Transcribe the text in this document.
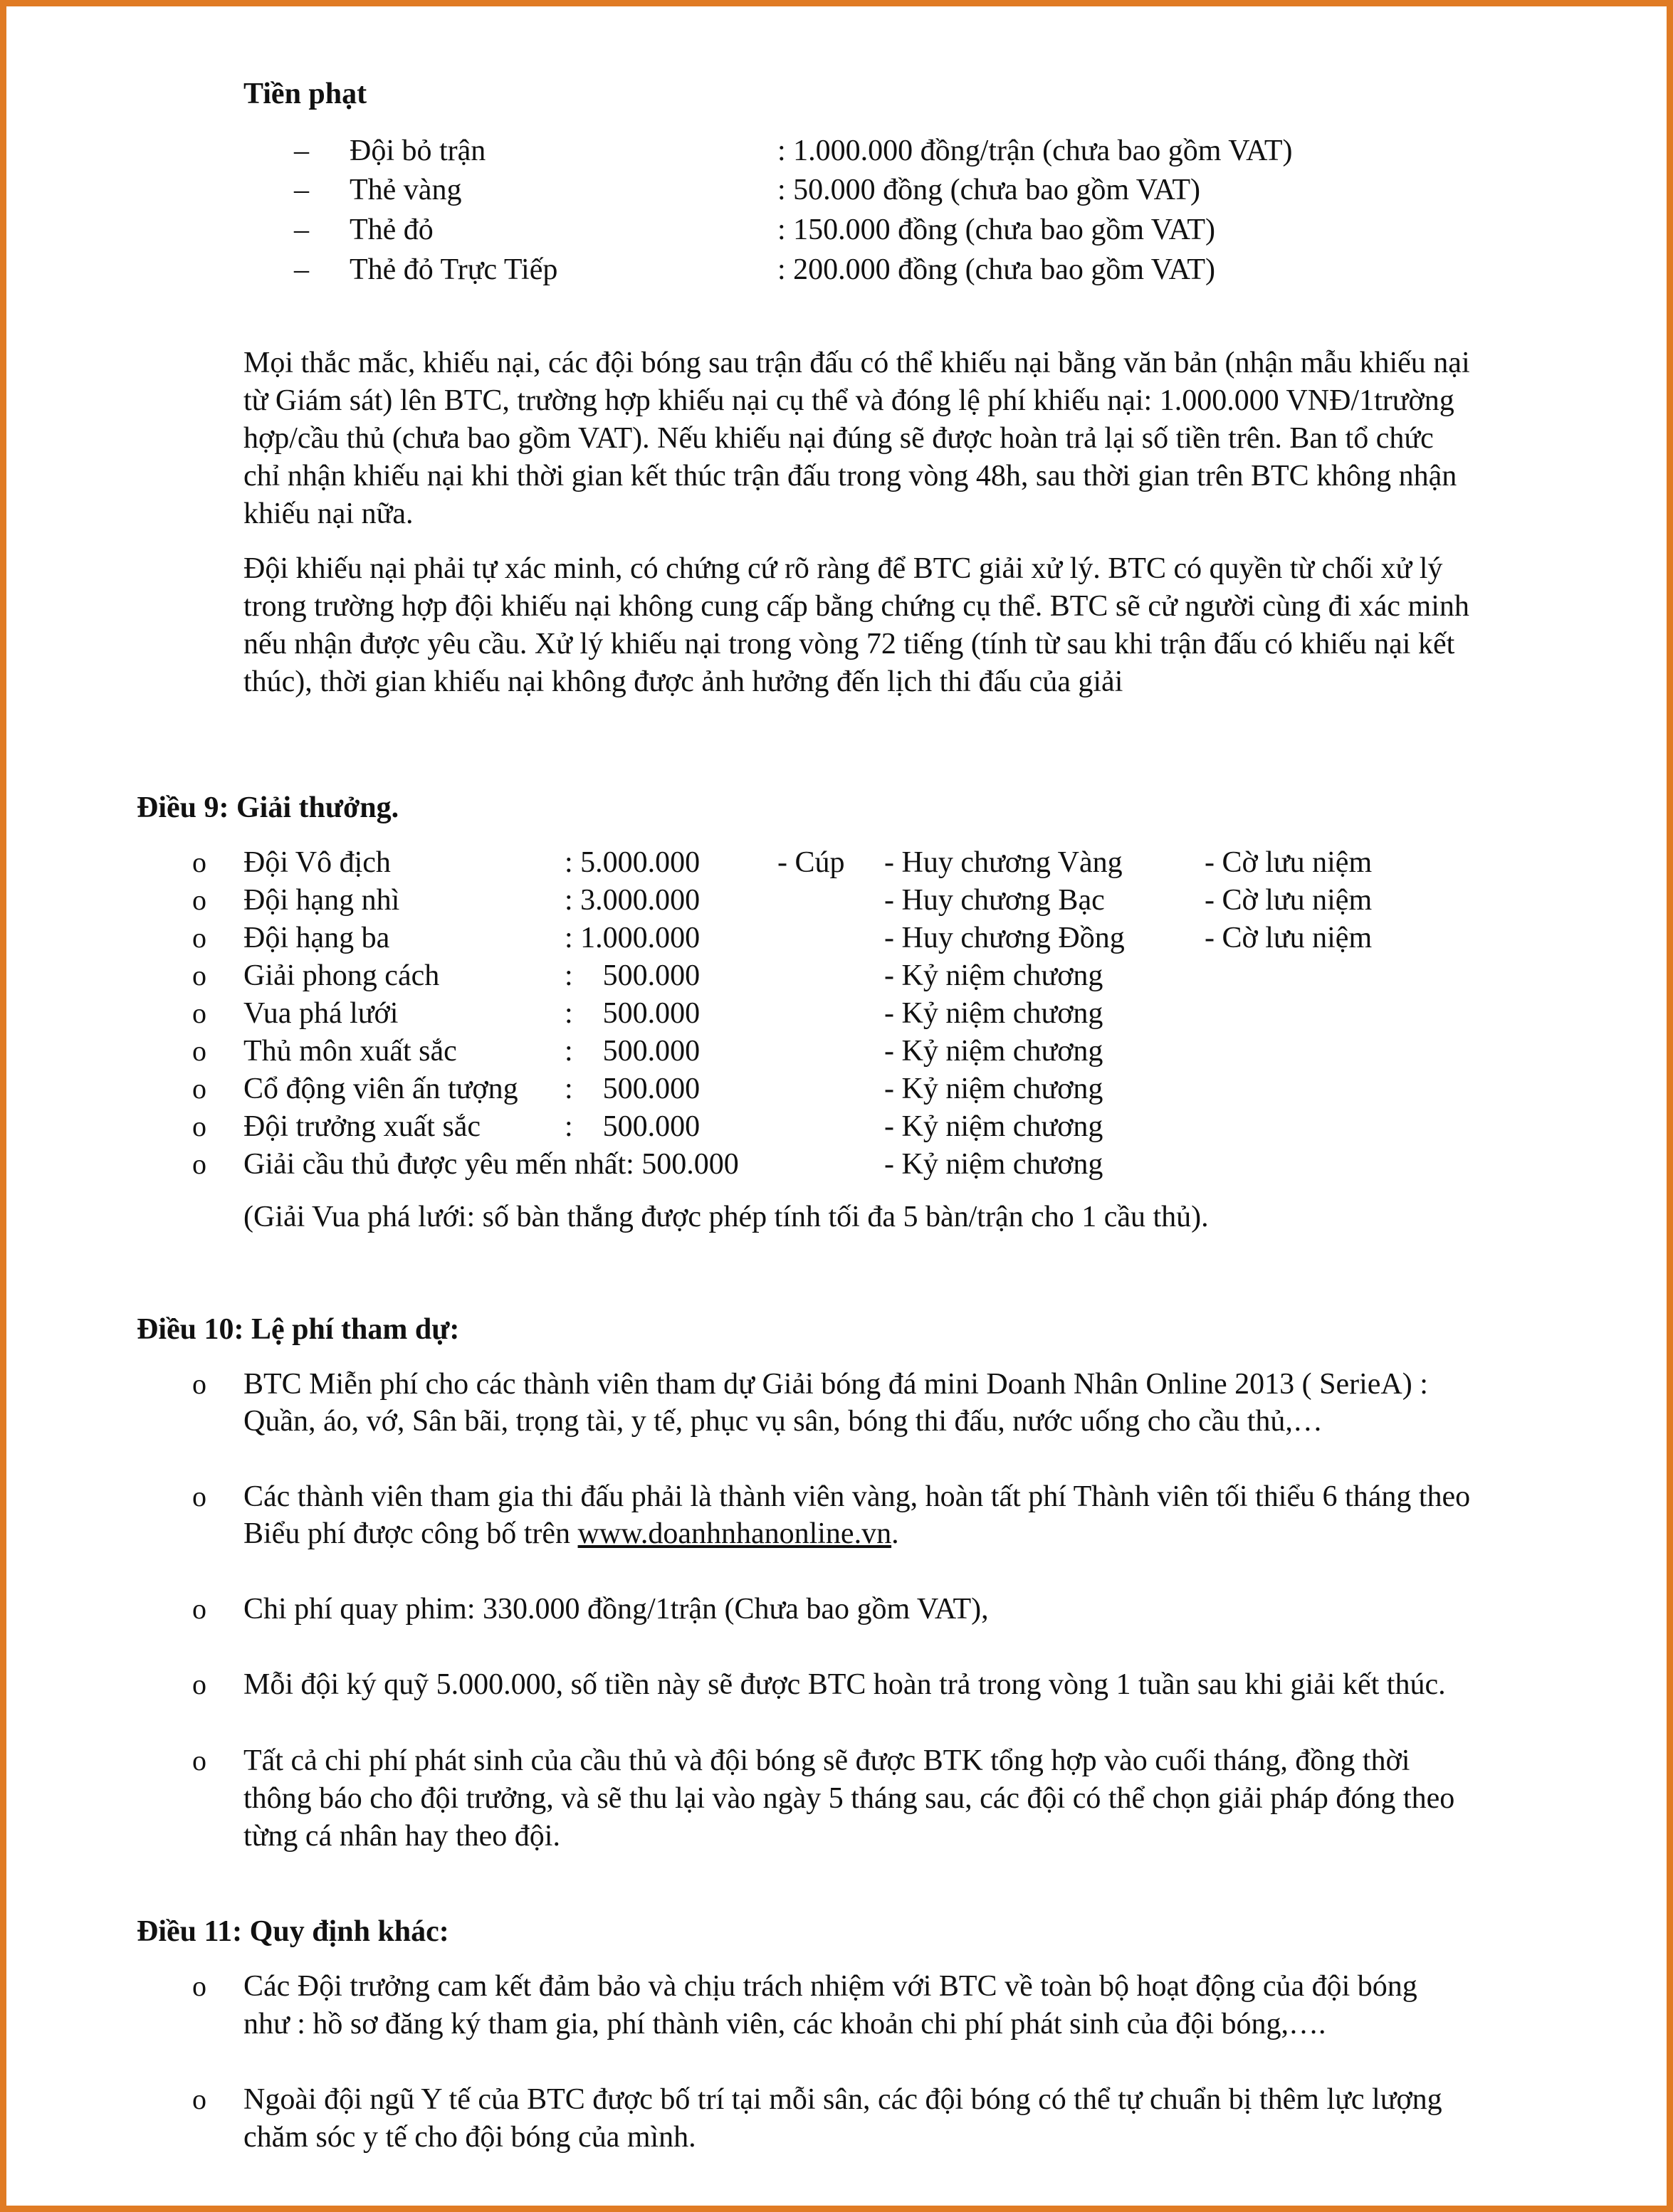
Tiền phạt
– Đội bỏ trận	: 1.000.000 đồng/trận (chưa bao gồm VAT)
– Thẻ vàng	: 50.000 đồng (chưa bao gồm VAT)
– Thẻ đỏ	: 150.000 đồng (chưa bao gồm VAT)
– Thẻ đỏ Trực Tiếp	: 200.000 đồng (chưa bao gồm VAT)
Mọi thắc mắc, khiếu nại, các đội bóng sau trận đấu có thể khiếu nại bằng văn bản (nhận mẫu khiếu nại
từ Giám sát) lên BTC, trường hợp khiếu nại cụ thể và đóng lệ phí khiếu nại: 1.000.000 VNĐ/1trường
hợp/cầu thủ (chưa bao gồm VAT). Nếu khiếu nại đúng sẽ được hoàn trả lại số tiền trên. Ban tổ chức
chỉ nhận khiếu nại khi thời gian kết thúc trận đấu trong vòng 48h, sau thời gian trên BTC không nhận
khiếu nại nữa.
Đội khiếu nại phải tự xác minh, có chứng cứ rõ ràng để BTC giải xử lý. BTC có quyền từ chối xử lý
trong trường hợp đội khiếu nại không cung cấp bằng chứng cụ thể. BTC sẽ cử người cùng đi xác minh
nếu nhận được yêu cầu. Xử lý khiếu nại trong vòng 72 tiếng (tính từ sau khi trận đấu có khiếu nại kết
thúc), thời gian khiếu nại không được ảnh hưởng đến lịch thi đấu của giải
Điều 9: Giải thưởng.
o Đội Vô địch	: 5.000.000	- Cúp - Huy chương Vàng	- Cờ lưu niệm
o Đội hạng nhì	: 3.000.000	- Huy chương Bạc	- Cờ lưu niệm
o Đội hạng ba	: 1.000.000	- Huy chương Đồng	- Cờ lưu niệm
o Giải phong cách	:    500.000	- Kỷ niệm chương
o Vua phá lưới	:    500.000	- Kỷ niệm chương
o Thủ môn xuất sắc	:    500.000	- Kỷ niệm chương
o Cổ động viên ấn tượng :    500.000	- Kỷ niệm chương
o Đội trưởng xuất sắc	:    500.000	- Kỷ niệm chương
o Giải cầu thủ được yêu mến nhất: 500.000	- Kỷ niệm chương
(Giải Vua phá lưới: số bàn thắng được phép tính tối đa 5 bàn/trận cho 1 cầu thủ).
Điều 10: Lệ phí tham dự:
o BTC Miễn phí cho các thành viên tham dự Giải bóng đá mini Doanh Nhân Online 2013 ( SerieA) :
Quần, áo, vớ, Sân bãi, trọng tài, y tế, phục vụ sân, bóng thi đấu, nước uống cho cầu thủ,…
o Các thành viên tham gia thi đấu phải là thành viên vàng, hoàn tất phí Thành viên tối thiểu 6 tháng theo
Biểu phí được công bố trên www.doanhnhanonline.vn.
o Chi phí quay phim: 330.000 đồng/1trận (Chưa bao gồm VAT),
o Mỗi đội ký quỹ 5.000.000, số tiền này sẽ được BTC hoàn trả trong vòng 1 tuần sau khi giải kết thúc.
o Tất cả chi phí phát sinh của cầu thủ và đội bóng sẽ được BTK tổng hợp vào cuối tháng, đồng thời
thông báo cho đội trưởng, và sẽ thu lại vào ngày 5 tháng sau, các đội có thể chọn giải pháp đóng theo
từng cá nhân hay theo đội.
Điều 11: Quy định khác:
o Các Đội trưởng cam kết đảm bảo và chịu trách nhiệm với BTC về toàn bộ hoạt động của đội bóng
như : hồ sơ đăng ký tham gia, phí thành viên, các khoản chi phí phát sinh của đội bóng,….
o Ngoài đội ngũ Y tế của BTC được bố trí tại mỗi sân, các đội bóng có thể tự chuẩn bị thêm lực lượng
chăm sóc y tế cho đội bóng của mình.
